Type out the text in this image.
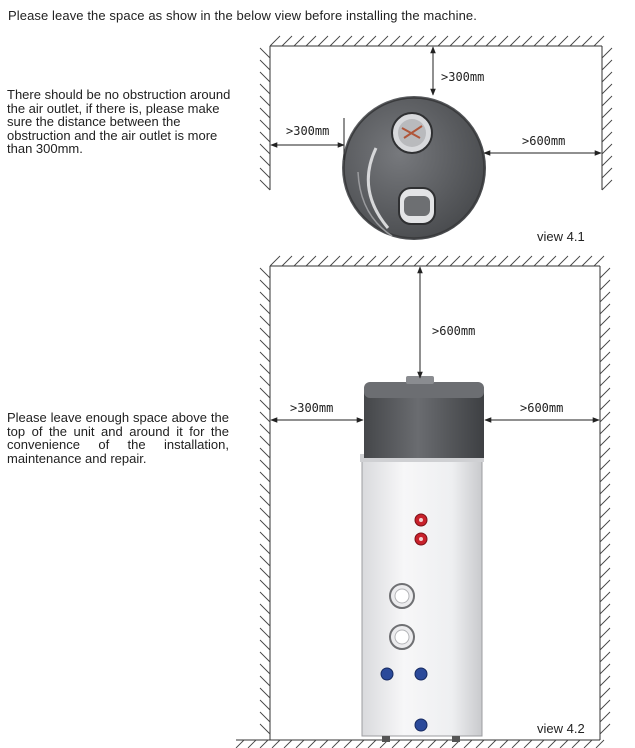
Please leave the space as show in the below view before installing the machine.
There should be no obstruction around the air outlet, if there is, please make sure the distance between the obstruction and the air outlet is more than 300mm.
Please leave enough space above the top of the unit and around it for the convenience of the installation, maintenance and repair.
>300mm
>300mm
>600mm
view 4.1
>600mm
>300mm	>600mm
view 4.2
